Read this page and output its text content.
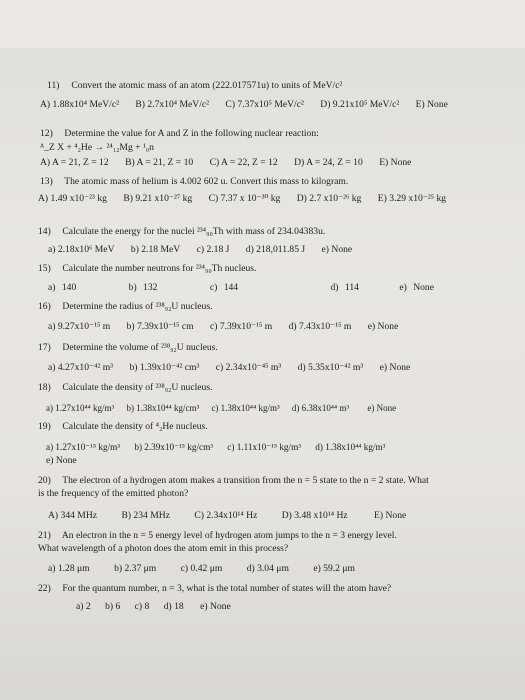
11) Convert the atomic mass of an atom (222.017571u) to units of MeV/c²
A) 1.88x10⁴ MeV/c² B) 2.7x10⁴ MeV/c² C) 7.37x10⁵ MeV/c² D) 9.21x10⁵ MeV/c² E) None
12) Determine the value for A and Z in the following nuclear reaction:
ᴬ_Z X + ⁴₂He → ²⁴₁₂Mg + ¹₀n
A) A = 21, Z = 12 B) A = 21, Z = 10 C) A = 22, Z = 12 D) A = 24, Z = 10 E) None
13) The atomic mass of helium is 4.002 602 u. Convert this mass to kilogram.
A) 1.49 x10⁻²³ kg B) 9.21 x10⁻²⁷ kg C) 7.37 x 10⁻³⁰ kg D) 2.7 x10⁻²⁶ kg E) 3.29 x10⁻²⁵ kg
14) Calculate the energy for the nuclei ²³⁴₉₀Th with mass of 234.04383u.
a) 2.18x10⁶ MeV b) 2.18 MeV c) 2.18 J d) 218,011.85 J e) None
15) Calculate the number neutrons for ²³⁴₉₀Th nucleus.
a) 140	b) 132	c) 144	d) 114	e) None
16) Determine the radius of ²³⁸₉₂U nucleus.
a) 9.27x10⁻¹⁵ m b) 7.39x10⁻¹⁵ cm c) 7.39x10⁻¹⁵ m d) 7.43x10⁻¹⁵ m e) None
17) Determine the volume of ²³⁸₉₂U nucleus.
a) 4.27x10⁻⁴² m³ b) 1.39x10⁻⁴² cm³ c) 2.34x10⁻⁴⁵ m³ d) 5.35x10⁻⁴² m³ e) None
18) Calculate the density of ²³⁸₉₂U nucleus.
a) 1.27x10⁴⁴ kg/m³ b) 1.38x10⁴⁴ kg/cm³ c) 1.38x10⁴⁴ kg/m³ d) 6.38x10⁴⁴ m³ e) None
19) Calculate the density of ⁴₂He nucleus.
a) 1.27x10⁻¹⁵ kg/m³ b) 2.39x10⁻¹⁵ kg/cm³ c) 1.11x10⁻¹⁵ kg/m³ d) 1.38x10⁴⁴ kg/m³
e) None
20) The electron of a hydrogen atom makes a transition from the n = 5 state to the n = 2 state. What
is the frequency of the emitted photon?
A) 344 MHz	B) 234 MHz	C) 2.34x10¹⁴ Hz	D) 3.48 x10¹⁴ Hz	E) None
21) An electron in the n = 5 energy level of hydrogen atom jumps to the n = 3 energy level.
What wavelength of a photon does the atom emit in this process?
a) 1.28 μm	b) 2.37 μm	c) 0.42 μm	d) 3.04 μm	e) 59.2 μm
22) For the quantum number, n = 3, what is the total number of states will the atom have?
a) 2 b) 6 c) 8 d) 18 e) None
